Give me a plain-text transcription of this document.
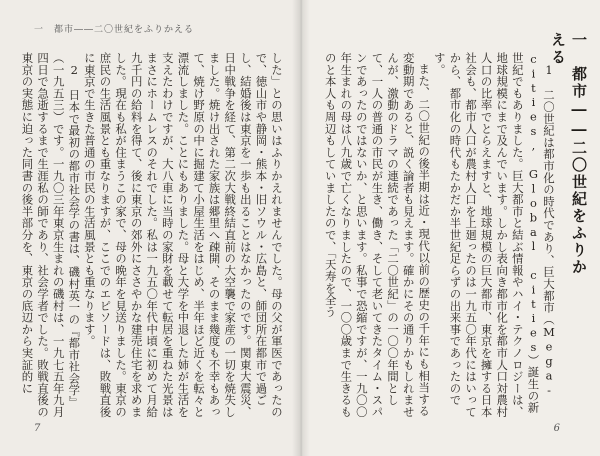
一　都市――二〇世紀をふりかえる

した」との思いはふりかえれませんでした。母の父が軍医であったので、徳山市や静岡・熊本・旧ソウル・広島と、師団所在都市で過ごし、結婚後は東京を一歩も出ることはなかったのです。関東大震災、日中戦争を経て、第二次大戦終結直前の大空襲で家産の一切を焼失しました。焼け出された家族は郷里へ疎開、そのまま幾度も不幸もあって、焼け野原の中に掘建て小屋生活をはじめ、半年ほど近くを転々と漂流しました。ことにもありました。母と大学を中退した姉が生活を支えたわけですが、大八車に当時の家財を載せて転居を重ねた光景はまさにホームレスのそれでした。私は一九五〇年代中頃に初めて月給九千円の給料を得て、後に東京の郊外にささやかな建売住宅を求めました。現在も私が住まうこの家で、母の晩年を見送りました。東京の庶民の生活風景とも重なりますが、ここでのエピソードは、敗戦直後に東京で生きた普通の市民の生活風景とも重なります。

2　日本で最初の都市社会学の書は、磯村英一の『都市社会学』（一九五三）です。一九〇三年東京生まれの磯村は、一九七五年九月四日で急逝するまで生涯私の師であり、社会学者でした。敗戦直後の東京の実態に迫った同書の後半部分を、東京の底辺から実証的に

7
一　都市――二〇世紀をふりかえる

1　二〇世紀は都市化の時代であり、巨大都市（Mega-cities, Global cities）誕生の新世紀でもありました。巨大都市と結ぶ情報やハイ・テクノロジーは、地球規模にまで及んでいます。しかし表向き都市化を都市人口対農村人口の比率でとらえますと、地球規模の巨大都市、東京を擁する日本社会も、都市人口が農村人口を上廻ったのは一九五〇年代にはいってから、都市化の時代もたかだか半世紀足らずの出来事であったのです。

また、二〇世紀の後半期は近・現代以前の歴史の千年にも相当する変動期であると、説く論者も見えます。確かにその通りかもしれませんが、激動のドラマの連続であった「二〇世紀」の一〇〇年間として、一人の普通の市民が生き、働き、そして老いてきたタイム・スパンであったのではないか、と思います。私事で恐縮ですが、一九〇〇年生まれの母は八九歳で亡くなりましたので、一〇〇歳まで生きるものと本人も周辺もしていましたので、「天寿を全う

6
